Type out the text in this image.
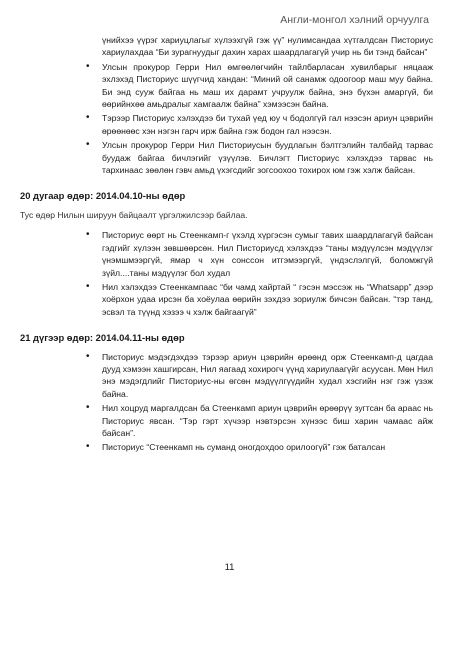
Англи-монгол хэлний орчуулга
үнийхээ үүрэг хариуцлагыг хүлээхгүй гэж үү” нулимсандаа хүтгалдсан Писториус хариулахдаа “Би зурагнуудыг дахин харах шаардлагагүй учир нь би тэнд байсан”
• Улсын прокурор Герри Нил өмгөөлөгчийн тайлбарласан хувилбарыг няцааж эхлэхэд Писториус шүүгчид хандан: “Миний ой санамж одоогоор маш муу байна. Би энд сууж байгаа нь маш их дарамт учруулж байна, энэ бүхэн амаргүй, би өөрийнхөө амьдралыг хамгаалж байна” хэмээсэн байна.
• Тэрээр Писториус хэлэхдээ би тухай үед юу ч бодолгүй гал нээсэн ариун цэврийн өрөөнөөс хэн нэгэн гарч ирж байна гэж бодон гал нээсэн.
• Улсын прокурор Герри Нил Писториусын буудлагын бэлтгэлийн талбайд тарвас буудаж байгаа бичлэгийг үзүүлэв. Бичлэгт Писториус хэлэхдээ тарвас нь тархинаас зөөлөн гэвч амьд үхэгсдийг зогсоохоо тохирох юм гэж хэлж байсан.
20 дугаар өдөр: 2014.04.10-ны өдөр
Тус өдөр Нилын шируун байцаалт үргэлжилсээр байлаа.
• Писториус өөрт нь Стеенкамп-г үхэлд хүргэсэн сумыг тавих шаардлагагүй байсан гэдгийг хүлээн зөвшөөрсөн. Нил Писториуcд хэлэхдээ “таны мэдүүлсэн мэдүүлэг үнэмшмээргүй, ямар ч хүн сонссон итгэмээргүй, үндэслэлгүй, боломжгүй зүйл....таны мэдүүлэг бол худал
• Нил хэлэхдээ Стеенкампаас “би чамд хайртай “ гэсэн мэссэж нь “Whatsapp” дээр хоёрхон удаа ирсэн ба хоёулаа өөрийн зэхдээ зориулж бичсэн байсан. “тэр танд, эсвэл та түүнд хэзээ ч хэлж байгаагүй”
21 дүгээр өдөр: 2014.04.11-ны өдөр
• Писториус мэдэгдэхдээ тэрээр ариун цэврийн өрөөнд орж Стеенкамп-д цагдаа дууд хэмээн хашгирсан, Нил яагаад хохирогч үүнд хариулаагүйг асуусан. Мөн Нил энэ мэдэгдлийг Писториус-ны өгсөн мэдүүлгүүдийн худал хэсгийн нэг гэж үзэж байна.
• Нил хоцруд маргалдсан ба Стеенкамп ариун цэврийн өрөөрүү зугтсан ба араас нь Писториус явсан. “Тэр гэрт хүчээр нэвтэрсэн хүнээс биш харин чамаас айж байсан”.
• Писториус “Стеенкамп нь суманд оногдохдоо орилоогүй” гэж баталсан
11
